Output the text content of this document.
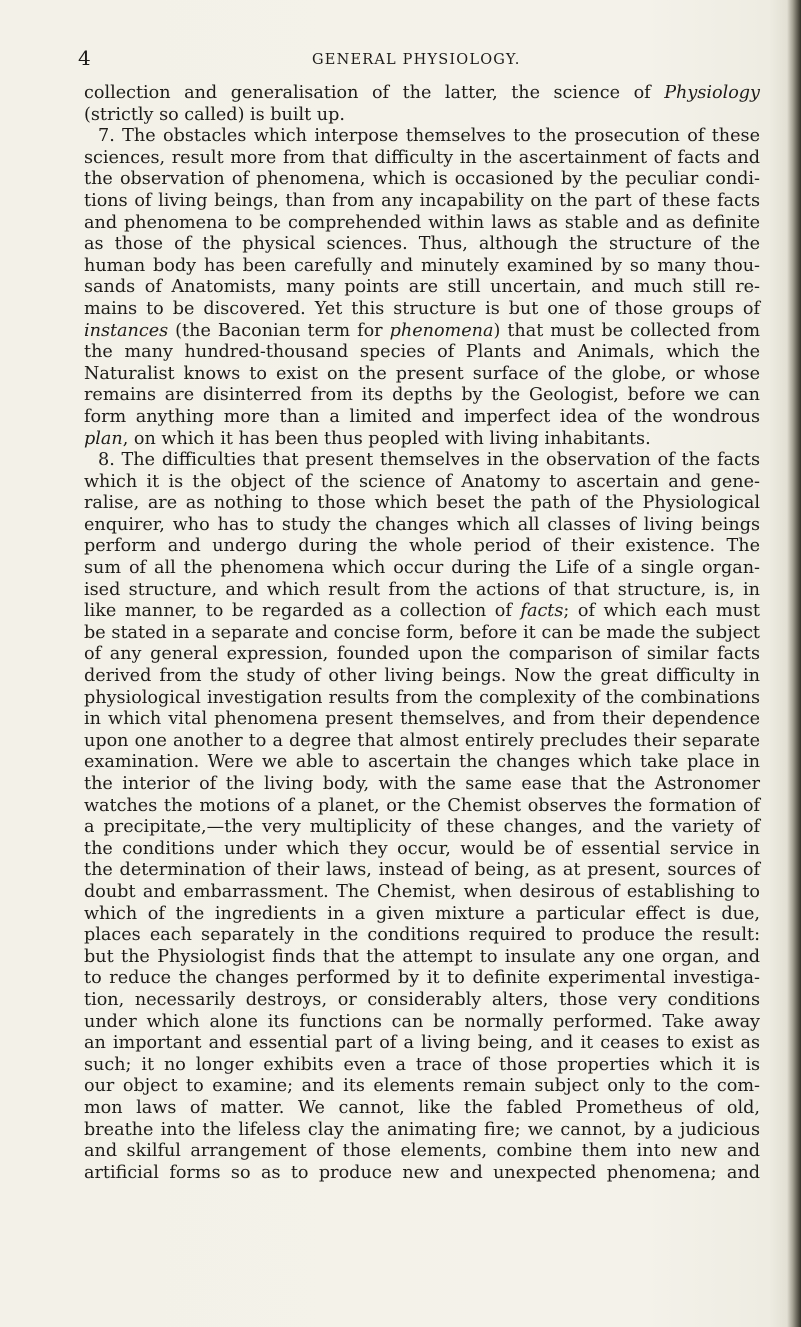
4	GENERAL PHYSIOLOGY.
collection and generalisation of the latter, the science of Physiology
(strictly so called) is built up.
7. The obstacles which interpose themselves to the prosecution of these
sciences, result more from that difficulty in the ascertainment of facts and
the observation of phenomena, which is occasioned by the peculiar condi-
tions of living beings, than from any incapability on the part of these facts
and phenomena to be comprehended within laws as stable and as definite
as those of the physical sciences. Thus, although the structure of the
human body has been carefully and minutely examined by so many thou-
sands of Anatomists, many points are still uncertain, and much still re-
mains to be discovered. Yet this structure is but one of those groups of
instances (the Baconian term for phenomena) that must be collected from
the many hundred-thousand species of Plants and Animals, which the
Naturalist knows to exist on the present surface of the globe, or whose
remains are disinterred from its depths by the Geologist, before we can
form anything more than a limited and imperfect idea of the wondrous
plan, on which it has been thus peopled with living inhabitants.
8. The difficulties that present themselves in the observation of the facts
which it is the object of the science of Anatomy to ascertain and gene-
ralise, are as nothing to those which beset the path of the Physiological
enquirer, who has to study the changes which all classes of living beings
perform and undergo during the whole period of their existence. The
sum of all the phenomena which occur during the Life of a single organ-
ised structure, and which result from the actions of that structure, is, in
like manner, to be regarded as a collection of facts; of which each must
be stated in a separate and concise form, before it can be made the subject
of any general expression, founded upon the comparison of similar facts
derived from the study of other living beings. Now the great difficulty in
physiological investigation results from the complexity of the combinations
in which vital phenomena present themselves, and from their dependence
upon one another to a degree that almost entirely precludes their separate
examination. Were we able to ascertain the changes which take place in
the interior of the living body, with the same ease that the Astronomer
watches the motions of a planet, or the Chemist observes the formation of
a precipitate,—the very multiplicity of these changes, and the variety of
the conditions under which they occur, would be of essential service in
the determination of their laws, instead of being, as at present, sources of
doubt and embarrassment. The Chemist, when desirous of establishing to
which of the ingredients in a given mixture a particular effect is due,
places each separately in the conditions required to produce the result:
but the Physiologist finds that the attempt to insulate any one organ, and
to reduce the changes performed by it to definite experimental investiga-
tion, necessarily destroys, or considerably alters, those very conditions
under which alone its functions can be normally performed. Take away
an important and essential part of a living being, and it ceases to exist as
such; it no longer exhibits even a trace of those properties which it is
our object to examine; and its elements remain subject only to the com-
mon laws of matter. We cannot, like the fabled Prometheus of old,
breathe into the lifeless clay the animating fire; we cannot, by a judicious
and skilful arrangement of those elements, combine them into new and
artificial forms so as to produce new and unexpected phenomena; and
